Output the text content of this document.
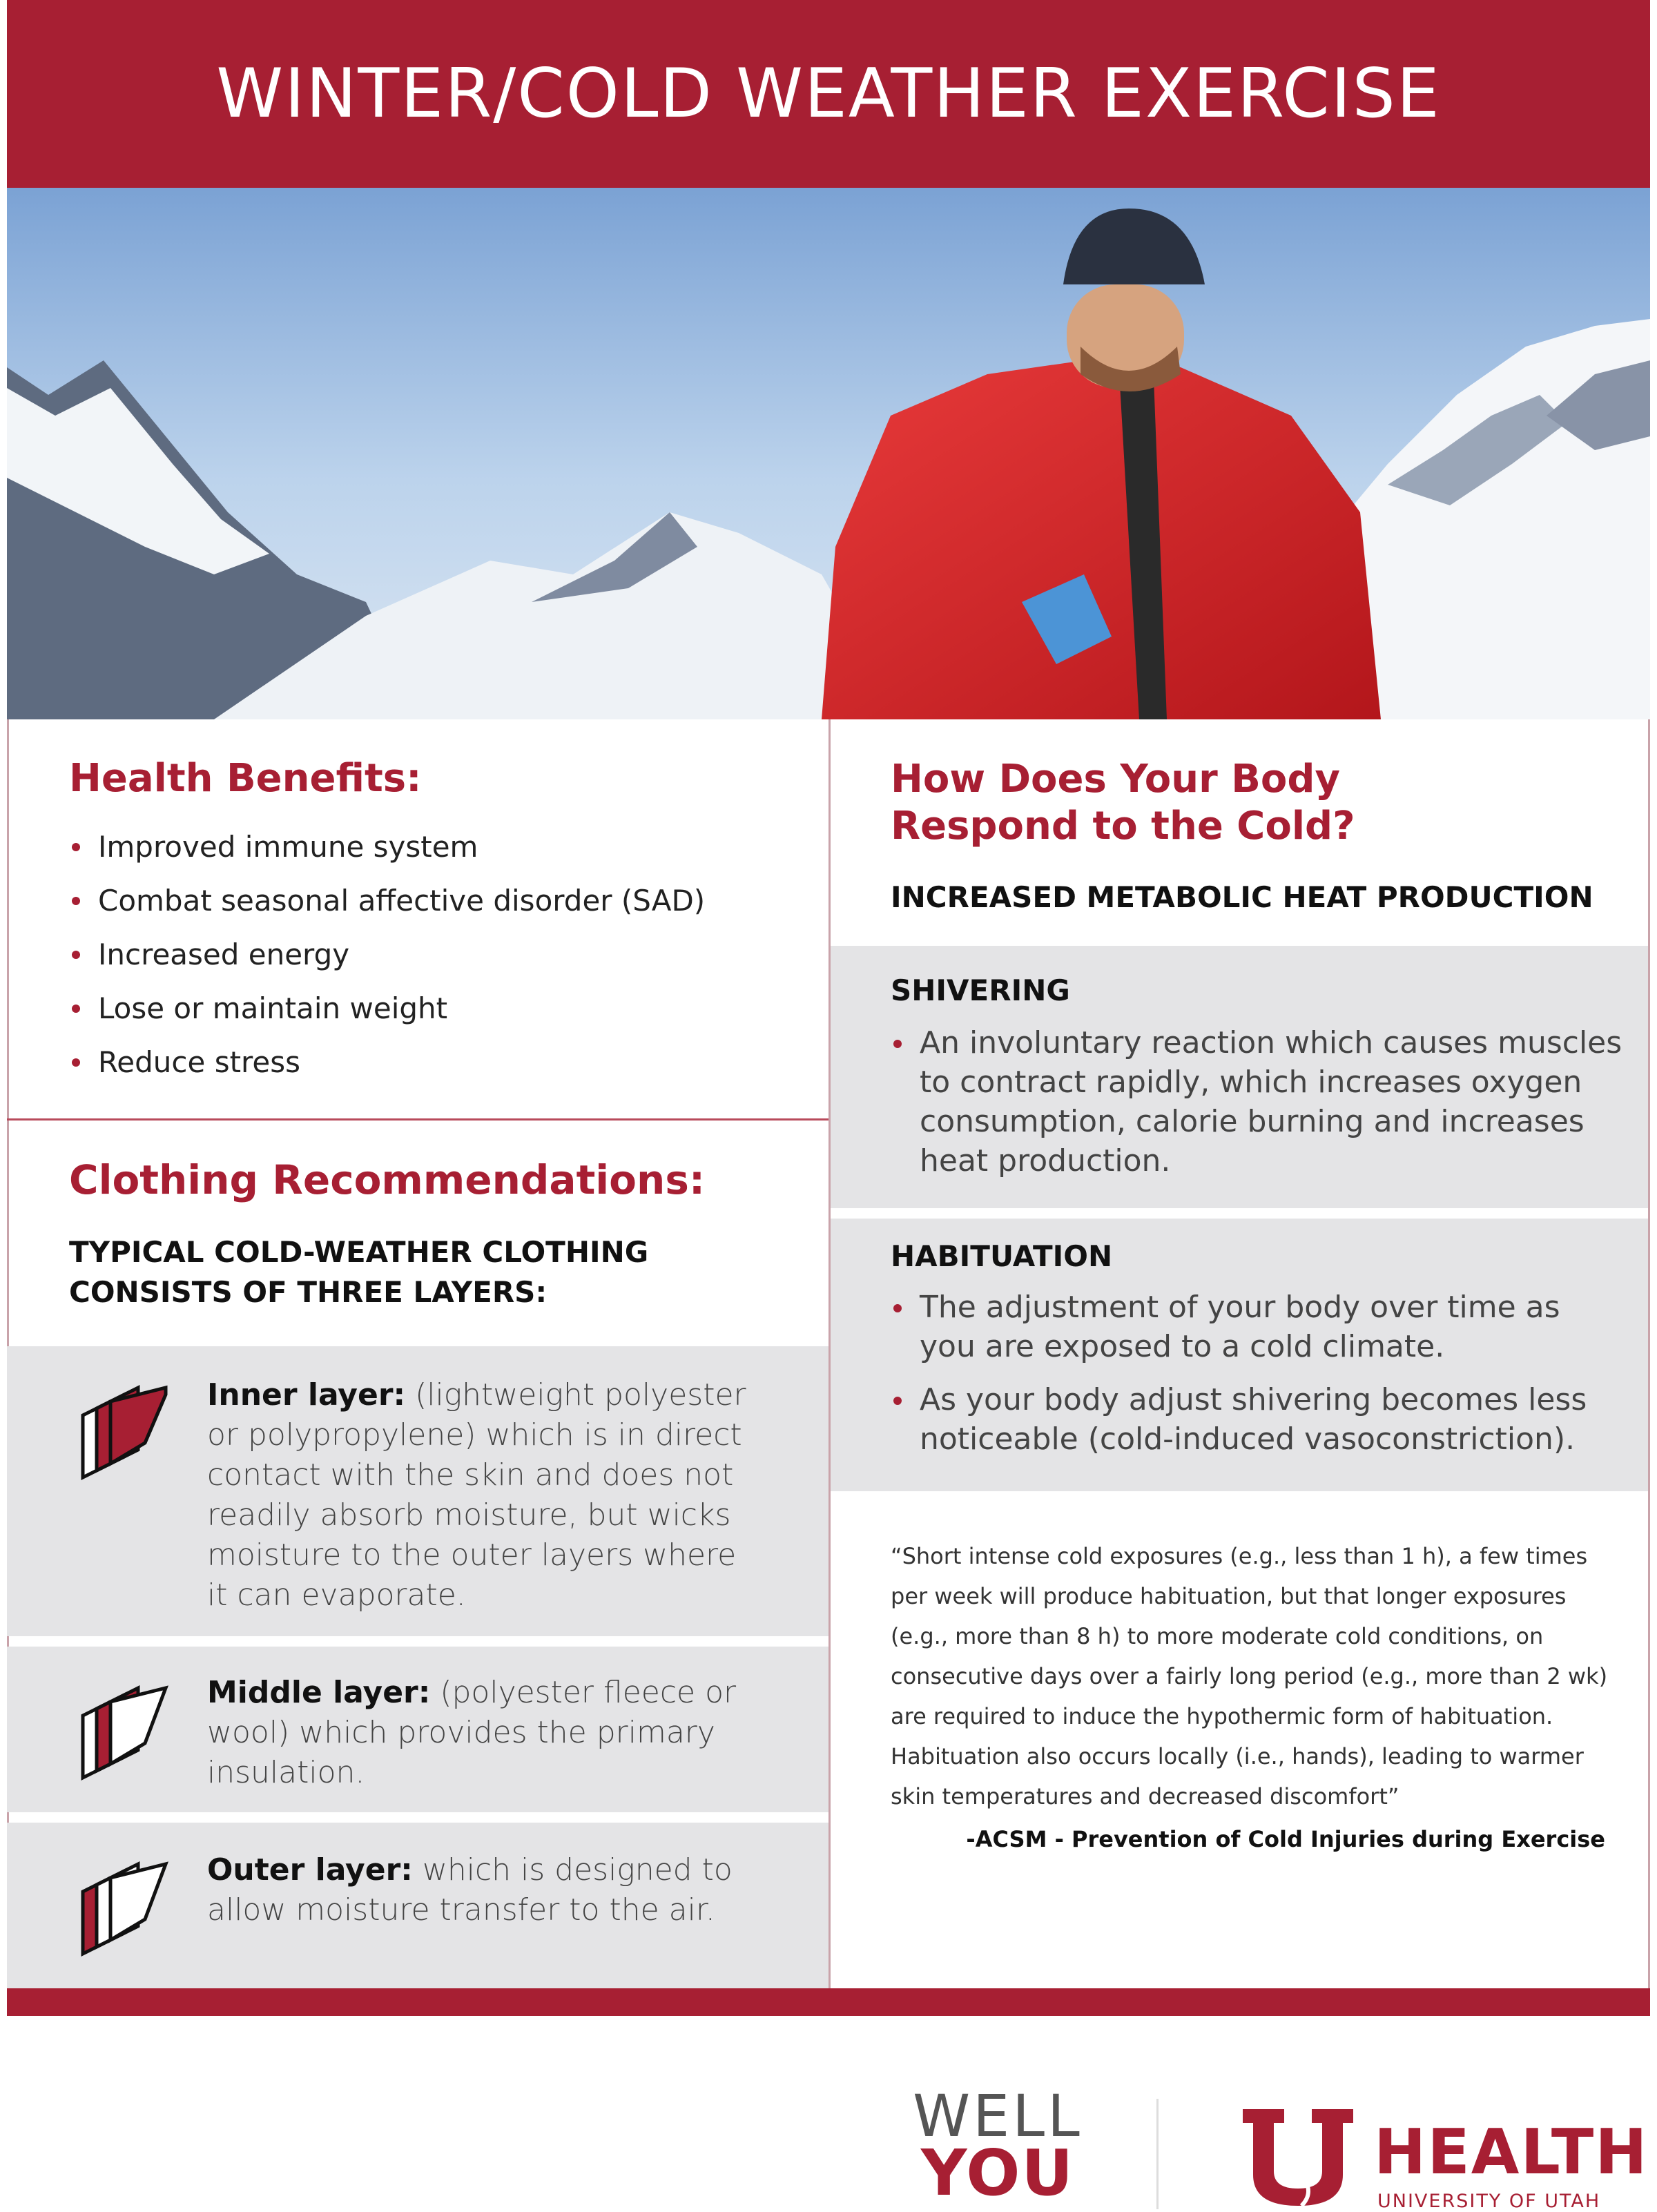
WINTER/COLD WEATHER EXERCISE
Health Benefits:
Improved immune system
Combat seasonal affective disorder (SAD)
Increased energy
Lose or maintain weight
Reduce stress
Clothing Recommendations:

TYPICAL COLD-WEATHER CLOTHING

CONSISTS OF THREE LAYERS:

Inner layer: (lightweight polyester or polypropylene) which is in direct contact with the skin and does not readily absorb moisture, but wicks moisture to the outer layers where it can evaporate.
Middle layer: (polyester fleece or wool) which provides the primary insulation.
Outer layer: which is designed to allow moisture transfer to the air.
How Does Your Body
Respond to the Cold?

INCREASED METABOLIC HEAT PRODUCTION

SHIVERING
An involuntary reaction which causes muscles to contract rapidly, which increases oxygen consumption, calorie burning and increases heat production.
HABITUATION
The adjustment of your body over time as you are exposed to a cold climate.
As your body adjust shivering becomes less noticeable (cold-induced vasoconstriction).
“Short intense cold exposures (e.g., less than 1 h), a few times per week will produce habituation, but that longer exposures (e.g., more than 8 h) to more moderate cold conditions, on consecutive days over a fairly long period (e.g., more than 2 wk) are required to induce the hypothermic form of habituation. Habituation also occurs locally (i.e., hands), leading to warmer skin temperatures and decreased discomfort”
-ACSM - Prevention of Cold Injuries during Exercise
WELL
YOU	HEALTH
UNIVERSITY OF UTAH
